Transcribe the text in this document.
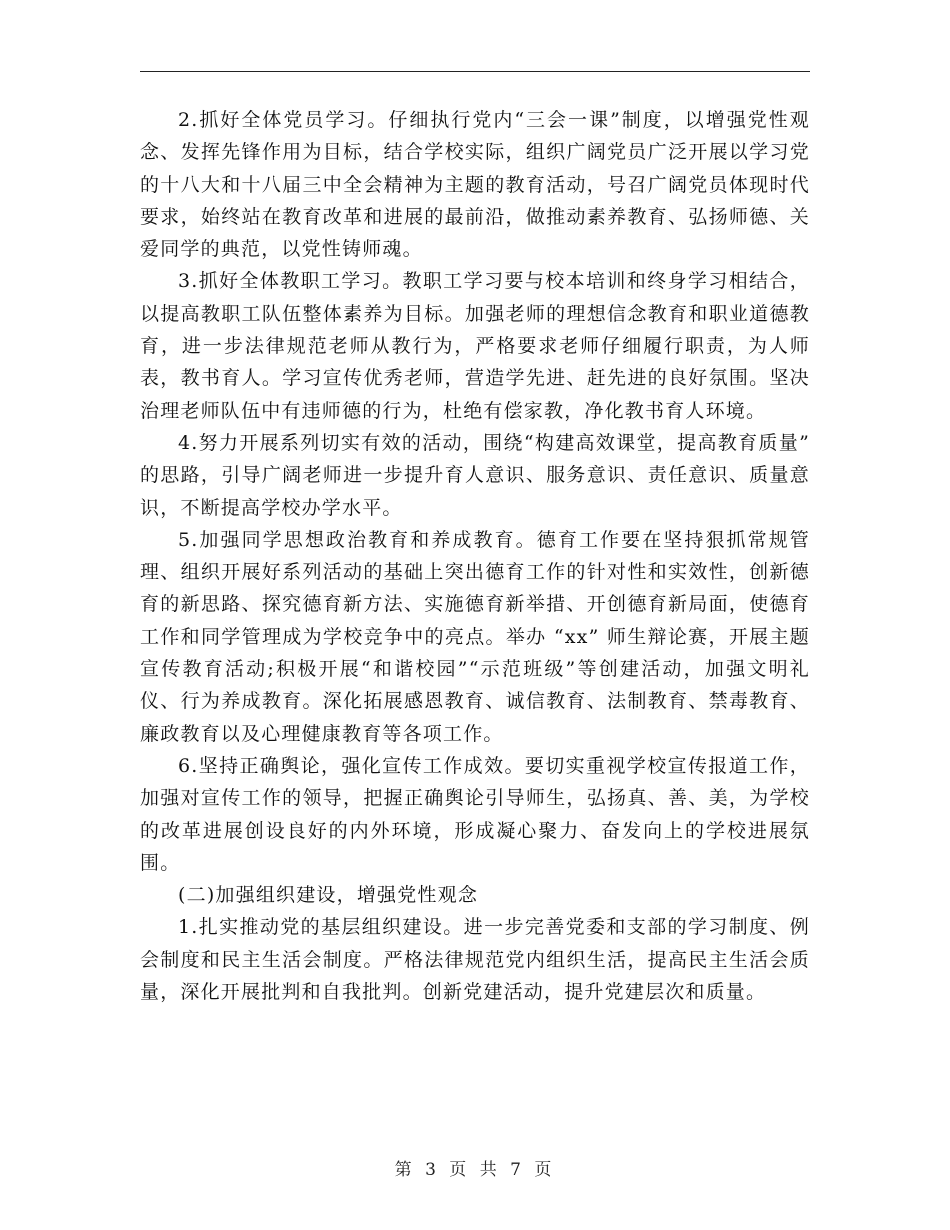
2.抓好全体党员学习。仔细执行党内“三会一课”制度，以增强党性观念、发挥先锋作用为目标，结合学校实际，组织广阔党员广泛开展以学习党的十八大和十八届三中全会精神为主题的教育活动，号召广阔党员体现时代要求，始终站在教育改革和进展的最前沿，做推动素养教育、弘扬师德、关爱同学的典范，以党性铸师魂。

3.抓好全体教职工学习。教职工学习要与校本培训和终身学习相结合，以提高教职工队伍整体素养为目标。加强老师的理想信念教育和职业道德教育，进一步法律规范老师从教行为，严格要求老师仔细履行职责，为人师表，教书育人。学习宣传优秀老师，营造学先进、赶先进的良好氛围。坚决治理老师队伍中有违师德的行为，杜绝有偿家教，净化教书育人环境。

4.努力开展系列切实有效的活动，围绕“构建高效课堂，提高教育质量” 的思路，引导广阔老师进一步提升育人意识、服务意识、责任意识、质量意识，不断提高学校办学水平。

5.加强同学思想政治教育和养成教育。德育工作要在坚持狠抓常规管理、组织开展好系列活动的基础上突出德育工作的针对性和实效性，创新德育的新思路、探究德育新方法、实施德育新举措、开创德育新局面，使德育工作和同学管理成为学校竞争中的亮点。举办 “xx” 师生辩论赛，开展主题宣传教育活动;积极开展“和谐校园”“示范班级”等创建活动，加强文明礼仪、行为养成教育。深化拓展感恩教育、诚信教育、法制教育、禁毒教育、廉政教育以及心理健康教育等各项工作。

6.坚持正确舆论，强化宣传工作成效。要切实重视学校宣传报道工作，加强对宣传工作的领导，把握正确舆论引导师生，弘扬真、善、美，为学校的改革进展创设良好的内外环境，形成凝心聚力、奋发向上的学校进展氛围。

(二)加强组织建设，增强党性观念

1.扎实推动党的基层组织建设。进一步完善党委和支部的学习制度、例会制度和民主生活会制度。严格法律规范党内组织生活，提高民主生活会质量，深化开展批判和自我批判。创新党建活动，提升党建层次和质量。

第 3 页 共 7 页
